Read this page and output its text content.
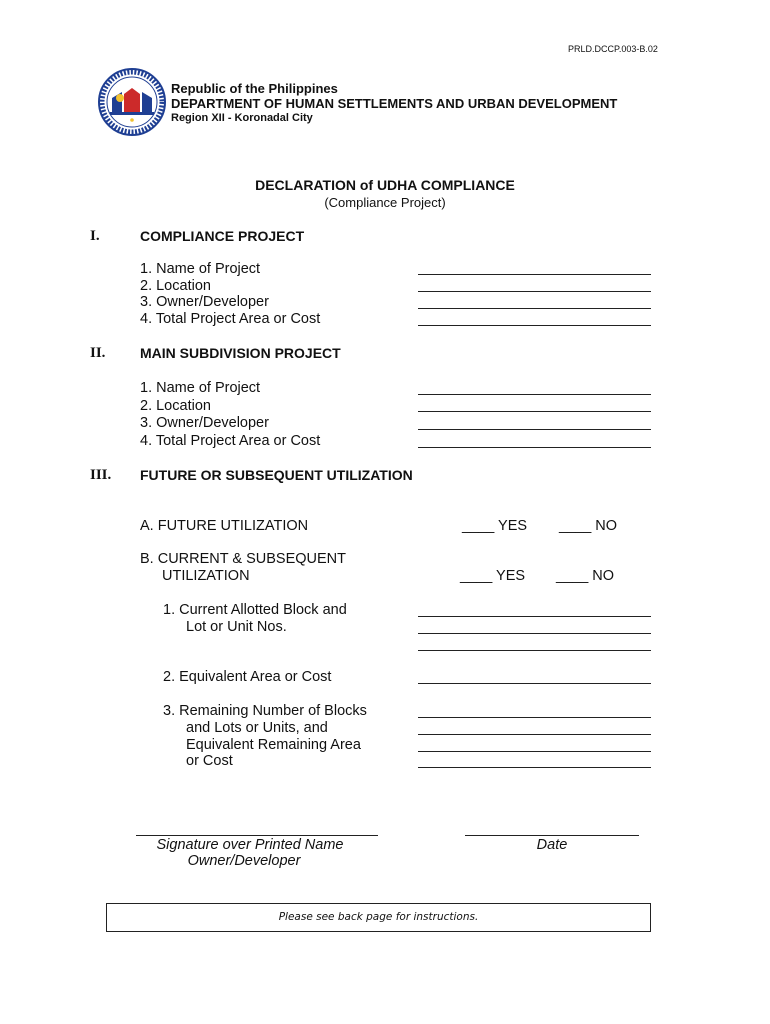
PRLD.DCCP.003-B.02
Republic of the Philippines
DEPARTMENT OF HUMAN SETTLEMENTS AND URBAN DEVELOPMENT
Region XII - Koronadal City
DECLARATION of UDHA COMPLIANCE
(Compliance Project)
I.	COMPLIANCE PROJECT
1. Name of Project
2. Location
3. Owner/Developer
4. Total Project Area or Cost
II. MAIN SUBDIVISION PROJECT
1. Name of Project
2. Location
3. Owner/Developer
4. Total Project Area or Cost
III. FUTURE OR SUBSEQUENT UTILIZATION
A. FUTURE UTILIZATION	____ YES ____ NO
B. CURRENT & SUBSEQUENT
UTILIZATION	____ YES ____ NO
1. Current Allotted Block and
Lot or Unit Nos.
2. Equivalent Area or Cost
3. Remaining Number of Blocks
and Lots or Units, and
Equivalent Remaining Area
or Cost
Signature over Printed Name
Owner/Developer
Date
Please see back page for instructions.
